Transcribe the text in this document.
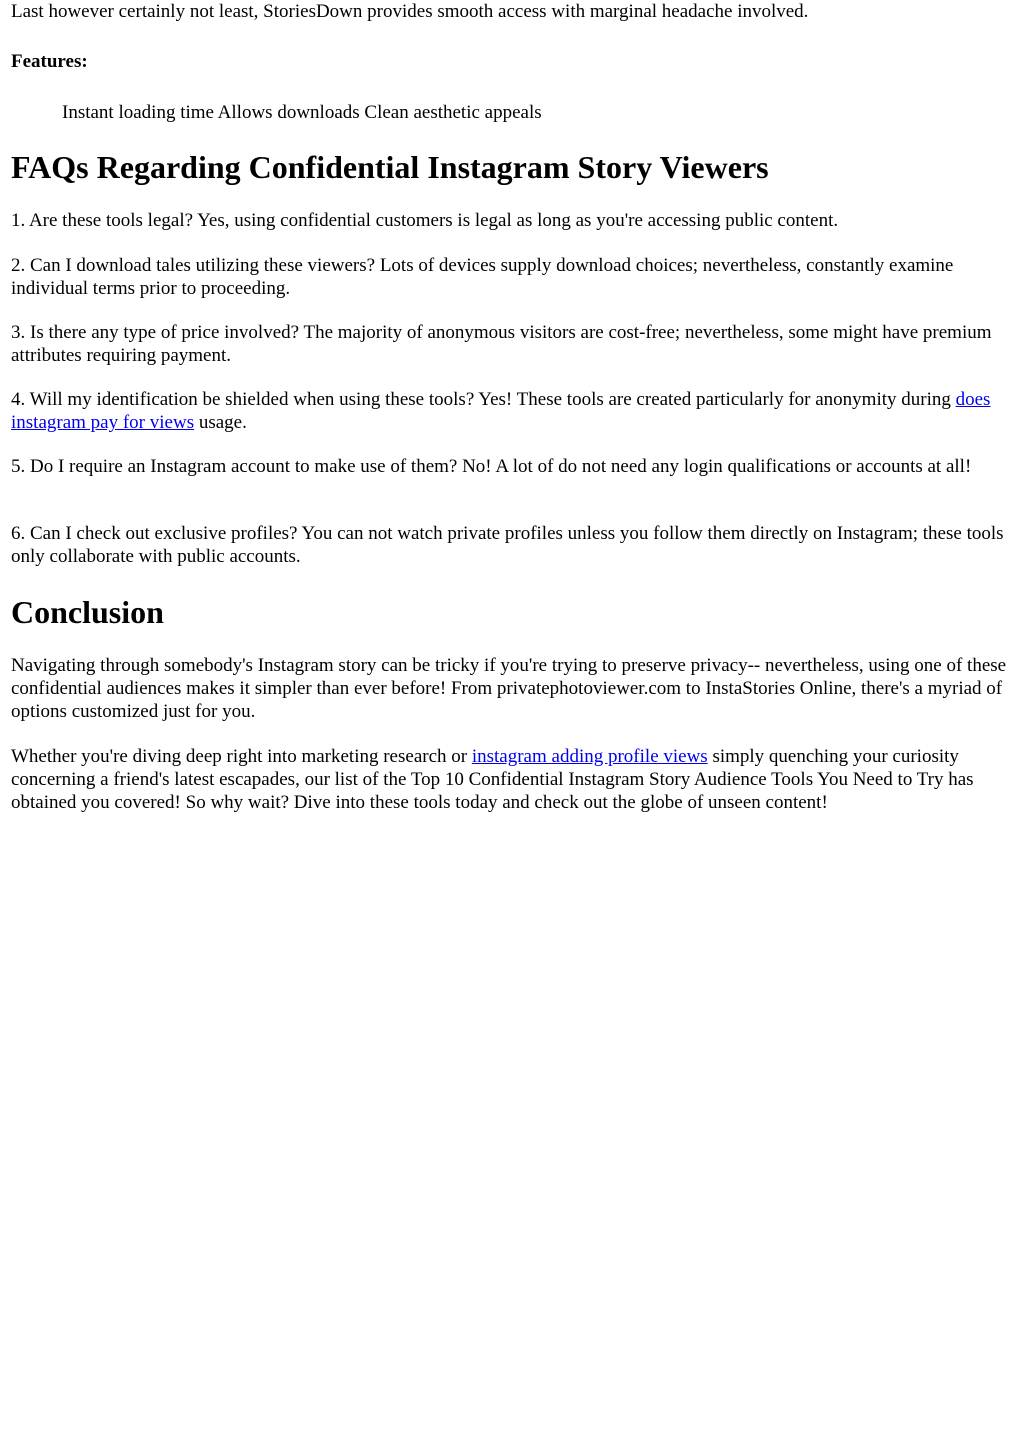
Last however certainly not least, StoriesDown provides smooth access with marginal headache involved.

Features:

Instant loading time Allows downloads Clean aesthetic appeals

FAQs Regarding Confidential Instagram Story Viewers

1. Are these tools legal? Yes, using confidential customers is legal as long as you're accessing public content.

2. Can I download tales utilizing these viewers? Lots of devices supply download choices; nevertheless, constantly examine individual terms prior to proceeding.

3. Is there any type of price involved? The majority of anonymous visitors are cost-free; nevertheless, some might have premium attributes requiring payment.

4. Will my identification be shielded when using these tools? Yes! These tools are created particularly for anonymity during does instagram pay for views usage.

5. Do I require an Instagram account to make use of them? No! A lot of do not need any login qualifications or accounts at all!

6. Can I check out exclusive profiles? You can not watch private profiles unless you follow them directly on Instagram; these tools only collaborate with public accounts.

Conclusion

Navigating through somebody's Instagram story can be tricky if you're trying to preserve privacy-- nevertheless, using one of these confidential audiences makes it simpler than ever before! From privatephotoviewer.com to InstaStories Online, there's a myriad of options customized just for you.

Whether you're diving deep right into marketing research or instagram adding profile views simply quenching your curiosity concerning a friend's latest escapades, our list of the Top 10 Confidential Instagram Story Audience Tools You Need to Try has obtained you covered! So why wait? Dive into these tools today and check out the globe of unseen content!
